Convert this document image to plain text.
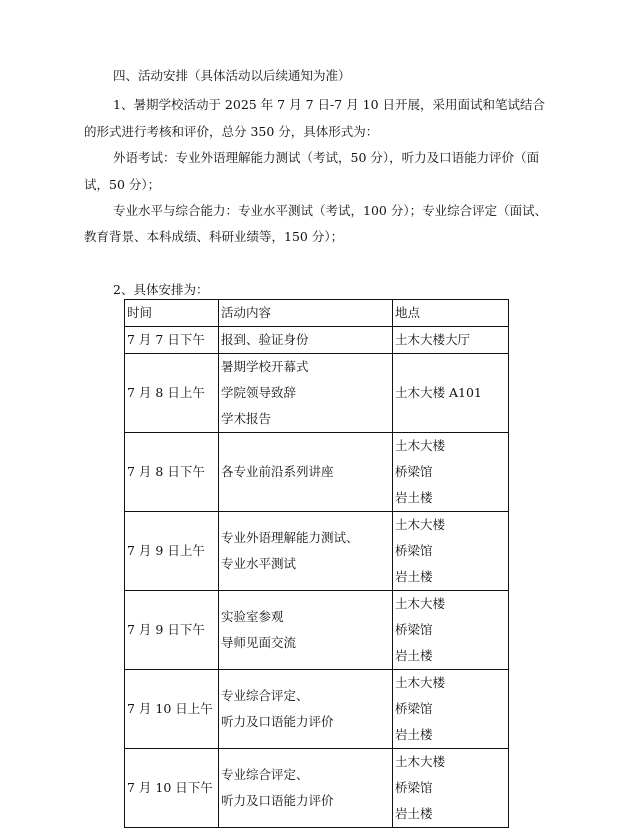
四、活动安排（具体活动以后续通知为准）
1、暑期学校活动于 2025 年 7 月 7 日-7 月 10 日开展，采用面试和笔试结合
的形式进行考核和评价，总分 350 分，具体形式为：
外语考试：专业外语理解能力测试（考试，50 分），听力及口语能力评价（面
试，50 分）；
专业水平与综合能力：专业水平测试（考试，100 分）；专业综合评定（面试、
教育背景、本科成绩、科研业绩等，150 分）；
2、具体安排为：
时间	活动内容	地点
7 月 7 日下午	报到、验证身份	土木大楼大厅

7 月 8 日上午	暑期学校开幕式
学院领导致辞
学术报告	土木大楼 A101

7 月 8 日下午	各专业前沿系列讲座	土木大楼
桥梁馆
岩土楼

7 月 9 日上午	专业外语理解能力测试、
专业水平测试	土木大楼
桥梁馆
岩土楼

7 月 9 日下午	实验室参观
导师见面交流	土木大楼
桥梁馆
岩土楼

7 月 10 日上午	专业综合评定、
听力及口语能力评价	土木大楼
桥梁馆
岩土楼

7 月 10 日下午	专业综合评定、
听力及口语能力评价	土木大楼
桥梁馆
岩土楼
